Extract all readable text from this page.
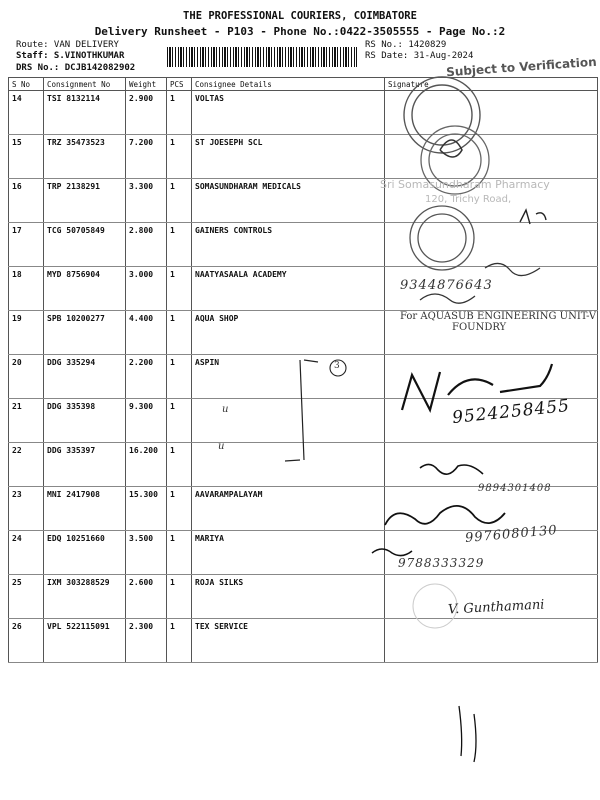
THE PROFESSIONAL COURIERS, COIMBATORE
Delivery Runsheet - P103 - Phone No.:0422-3505555 - Page No.:2
Route: VAN DELIVERY
Staff: S.VINOTHKUMAR
DRS No.: DCJB142082902
RS No.: 1420829
RS Date: 31-Aug-2024
S No	Consignment No	Weight	PCS	Consignee Details	Signature
14	TSI 8132114	2.900	1	VOLTAS	
15	TRZ 35473523	7.200	1	ST JOESEPH SCL	
16	TRP 2138291	3.300	1	SOMASUNDHARAM MEDICALS	
17	TCG 50705849	2.800	1	GAINERS CONTROLS	
18	MYD 8756904	3.000	1	NAATYASAALA ACADEMY	
19	SPB 10200277	4.400	1	AQUA SHOP	
20	DDG 335294	2.200	1	ASPIN	
21	DDG 335398	9.300	1		
22	DDG 335397	16.200	1		
23	MNI 2417908	15.300	1	AAVARAMPALAYAM	
24	EDQ 10251660	3.500	1	MARIYA	
25	IXM 303288529	2.600	1	ROJA SILKS	
26	VPL 522115091	2.300	1	TEX SERVICE	
Subject to Verification
Sri Somasundharam Pharmacy
120, Trichy Road,
9344876643
For AQUASUB ENGINEERING UNIT-V
FOUNDRY
9524258455
u
u
3
9894301408
9976080130
9788333329
V. Gunthamani
